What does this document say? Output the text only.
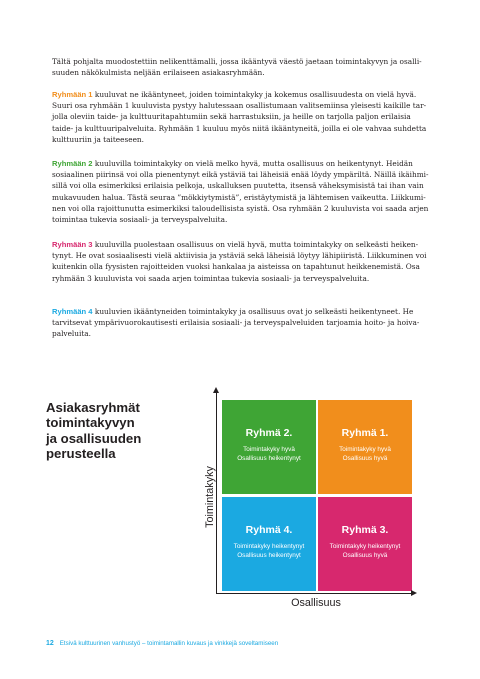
Tältä pohjalta muodostettiin nelikenttämalli, jossa ikääntyvä väestö jaetaan toimintakyvyn ja osalli-

suuden näkökulmista neljään erilaiseen asiakasryhmään.

Ryhmään 1 kuuluvat ne ikääntyneet, joiden toimintakyky ja kokemus osallisuudesta on vielä hyvä.

Suuri osa ryhmään 1 kuuluvista pystyy halutessaan osallistumaan valitsemiinsa yleisesti kaikille tar-

jolla oleviin taide- ja kulttuuritapahtumiin sekä harrastuksiin, ja heille on tarjolla paljon erilaisia

taide- ja kulttuuripalveluita. Ryhmään 1 kuuluu myös niitä ikääntyneitä, joilla ei ole vahvaa suhdetta

kulttuuriin ja taiteeseen.

Ryhmään 2 kuuluvilla toimintakyky on vielä melko hyvä, mutta osallisuus on heikentynyt. Heidän

sosiaalinen piirinsä voi olla pienentynyt eikä ystäviä tai läheisiä enää löydy ympäriltä. Näillä ikäihmi-

sillä voi olla esimerkiksi erilaisia pelkoja, uskalluksen puutetta, itsensä väheksymisistä tai ihan vain

mukavuuden halua. Tästä seuraa ”mökkiytymistä”, eristäytymistä ja lähtemisen vaikeutta. Liikkumi-

nen voi olla rajoittunutta esimerkiksi taloudellisista syistä. Osa ryhmään 2 kuuluvista voi saada arjen

toimintaa tukevia sosiaali- ja terveyspalveluita.

Ryhmään 3 kuuluvilla puolestaan osallisuus on vielä hyvä, mutta toimintakyky on selkeästi heiken-

tynyt. He ovat sosiaalisesti vielä aktiivisia ja ystäviä sekä läheisiä löytyy lähipiiristä. Liikkuminen voi

kuitenkin olla fyysisten rajoitteiden vuoksi hankalaa ja aisteissa on tapahtunut heikkenemistä. Osa

ryhmään 3 kuuluvista voi saada arjen toimintaa tukevia sosiaali- ja terveyspalveluita.

Ryhmään 4 kuuluvien ikääntyneiden toimintakyky ja osallisuus ovat jo selkeästi heikentyneet. He

tarvitsevat ympärivuorokautisesti erilaisia sosiaali- ja terveyspalveluiden tarjoamia hoito- ja hoiva-

palveluita.

Asiakasryhmät
toimintakyvyn
ja osallisuuden
perusteella
Ryhmä 2.
Toimintakyky hyvä
Osallisuus heikentynyt
Ryhmä 1.
Toimintakyky hyvä
Osallisuus hyvä
Ryhmä 4.
Toimintakyky heikentynyt
Osallisuus heikentynyt
Ryhmä 3.
Toimintakyky heikentynyt
Osallisuus hyvä
Toimintakyky
Osallisuus
12 Etsivä kulttuurinen vanhustyö – toimintamallin kuvaus ja vinkkejä soveltamiseen
